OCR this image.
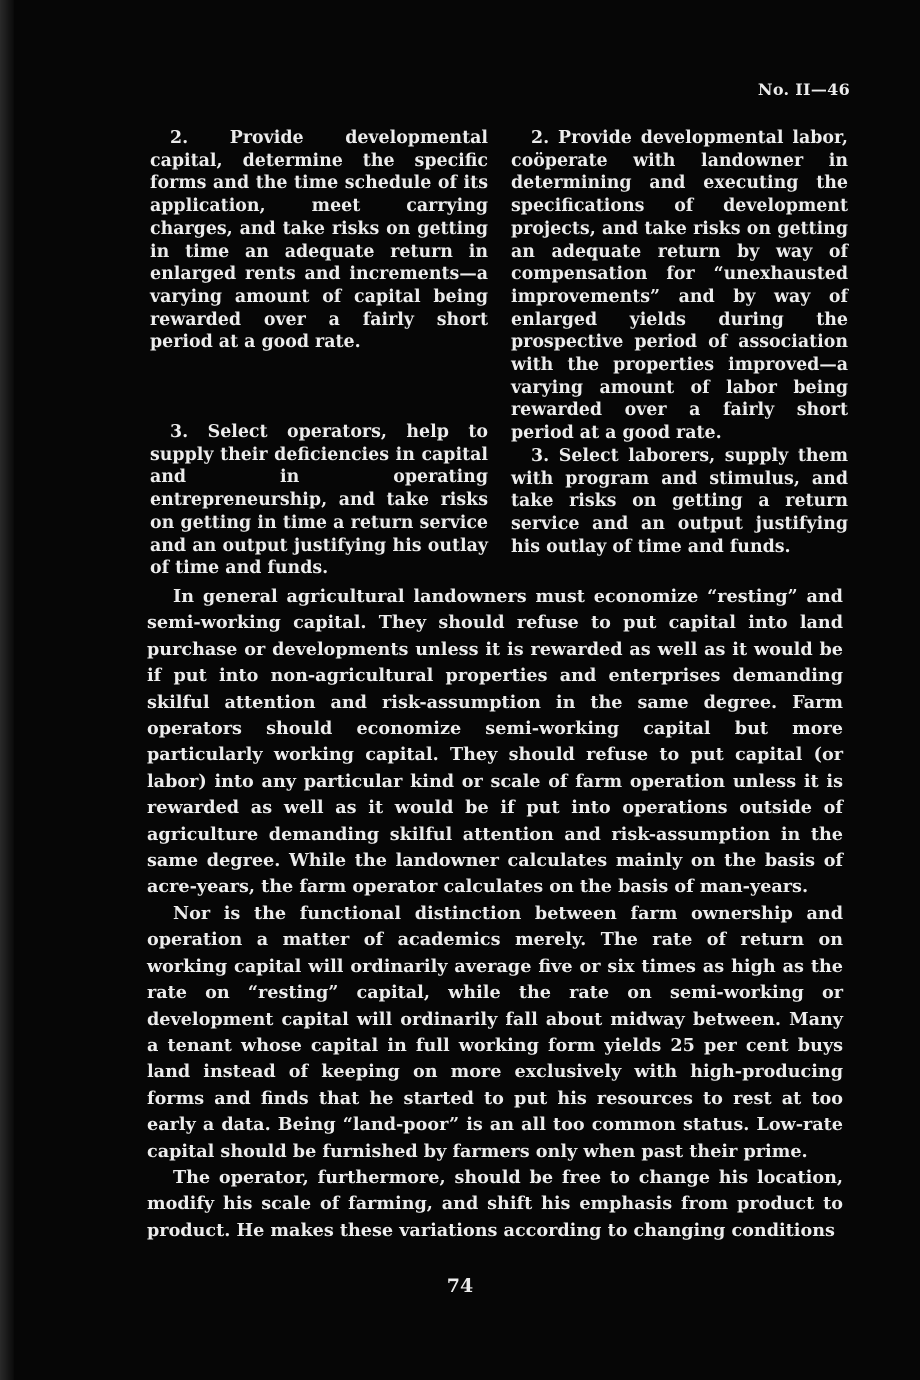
No. II—46

2. Provide developmental capital, determine the specific forms and the time schedule of its application, meet carrying charges, and take risks on getting in time an adequate return in enlarged rents and increments—a varying amount of capital being rewarded over a fairly short period at a good rate.

3. Select operators, help to supply their deficiencies in capital and in operating entrepreneurship, and take risks on getting in time a return service and an output justifying his outlay of time and funds.

2. Provide developmental labor, coöperate with landowner in determining and executing the specifications of development projects, and take risks on getting an adequate return by way of compensation for “unexhausted improvements” and by way of enlarged yields during the prospective period of association with the properties improved—a varying amount of labor being rewarded over a fairly short period at a good rate.

3. Select laborers, supply them with program and stimulus, and take risks on getting a return service and an output justifying his outlay of time and funds.

In general agricultural landowners must economize “resting” and semi-working capital. They should refuse to put capital into land purchase or developments unless it is rewarded as well as it would be if put into non-agricultural properties and enterprises demanding skilful attention and risk-assumption in the same degree. Farm operators should economize semi-working capital but more particularly working capital. They should refuse to put capital (or labor) into any particular kind or scale of farm operation unless it is rewarded as well as it would be if put into operations outside of agriculture demanding skilful attention and risk-assumption in the same degree. While the landowner calculates mainly on the basis of acre-years, the farm operator calculates on the basis of man-years.

Nor is the functional distinction between farm ownership and operation a matter of academics merely. The rate of return on working capital will ordinarily average five or six times as high as the rate on “resting” capital, while the rate on semi-working or development capital will ordinarily fall about midway between. Many a tenant whose capital in full working form yields 25 per cent buys land instead of keeping on more exclusively with high-producing forms and finds that he started to put his resources to rest at too early a data. Being “land-poor” is an all too common status. Low-rate capital should be furnished by farmers only when past their prime.

The operator, furthermore, should be free to change his location, modify his scale of farming, and shift his emphasis from product to product. He makes these variations according to changing conditions

74
